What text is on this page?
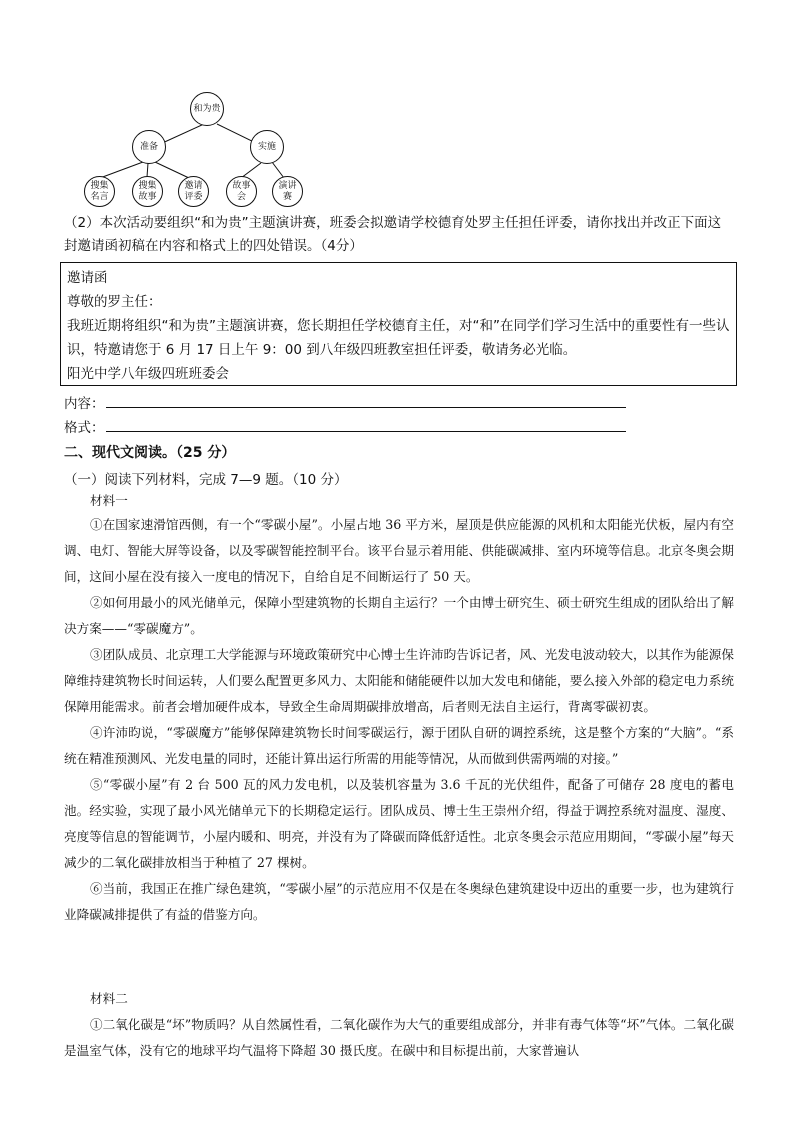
和为贵
准备	实施
搜集
名言
搜集
故事
邀请
评委
故事
会
演讲
赛
（2）本次活动要组织“和为贵”主题演讲赛，班委会拟邀请学校德育处罗主任担任评委，请你找出并改正下面这封邀请函初稿在内容和格式上的四处错误。（4分）

邀请函

尊敬的罗主任：

我班近期将组织“和为贵”主题演讲赛，您长期担任学校德育主任，对“和”在同学们学习生活中的重要性有一些认识，特邀请您于 6 月 17 日上午 9：00 到八年级四班教室担任评委，敬请务必光临。

阳光中学八年级四班班委会

内容：
格式：
二、现代文阅读。（25 分）
（一）阅读下列材料，完成 7—9 题。（10 分）
材料一

①在国家速滑馆西侧，有一个“零碳小屋”。小屋占地 36 平方米，屋顶是供应能源的风机和太阳能光伏板，屋内有空调、电灯、智能大屏等设备，以及零碳智能控制平台。该平台显示着用能、供能碳减排、室内环境等信息。北京冬奥会期间，这间小屋在没有接入一度电的情况下，自给自足不间断运行了 50 天。

②如何用最小的风光储单元，保障小型建筑物的长期自主运行？一个由博士研究生、硕士研究生组成的团队给出了解决方案——“零碳魔方”。

③团队成员、北京理工大学能源与环境政策研究中心博士生许沛昀告诉记者，风、光发电波动较大，以其作为能源保障维持建筑物长时间运转，人们要么配置更多风力、太阳能和储能硬件以加大发电和储能，要么接入外部的稳定电力系统保障用能需求。前者会增加硬件成本，导致全生命周期碳排放增高，后者则无法自主运行，背离零碳初衷。

④许沛昀说，“零碳魔方”能够保障建筑物长时间零碳运行，源于团队自研的调控系统，这是整个方案的“大脑”。“系统在精准预测风、光发电量的同时，还能计算出运行所需的用能等情况，从而做到供需两端的对接。”

⑤“零碳小屋”有 2 台 500 瓦的风力发电机，以及装机容量为 3.6 千瓦的光伏组件，配备了可储存 28 度电的蓄电池。经实验，实现了最小风光储单元下的长期稳定运行。团队成员、博士生王崇州介绍，得益于调控系统对温度、湿度、亮度等信息的智能调节，小屋内暖和、明亮，并没有为了降碳而降低舒适性。北京冬奥会示范应用期间，“零碳小屋”每天减少的二氧化碳排放相当于种植了 27 棵树。

⑥当前，我国正在推广绿色建筑，“零碳小屋”的示范应用不仅是在冬奥绿色建筑建设中迈出的重要一步，也为建筑行业降碳减排提供了有益的借鉴方向。

材料二

①二氧化碳是“坏”物质吗？从自然属性看，二氧化碳作为大气的重要组成部分，并非有毒气体等“坏”气体。二氧化碳是温室气体，没有它的地球平均气温将下降超 30 摄氏度。在碳中和目标提出前，大家普遍认
